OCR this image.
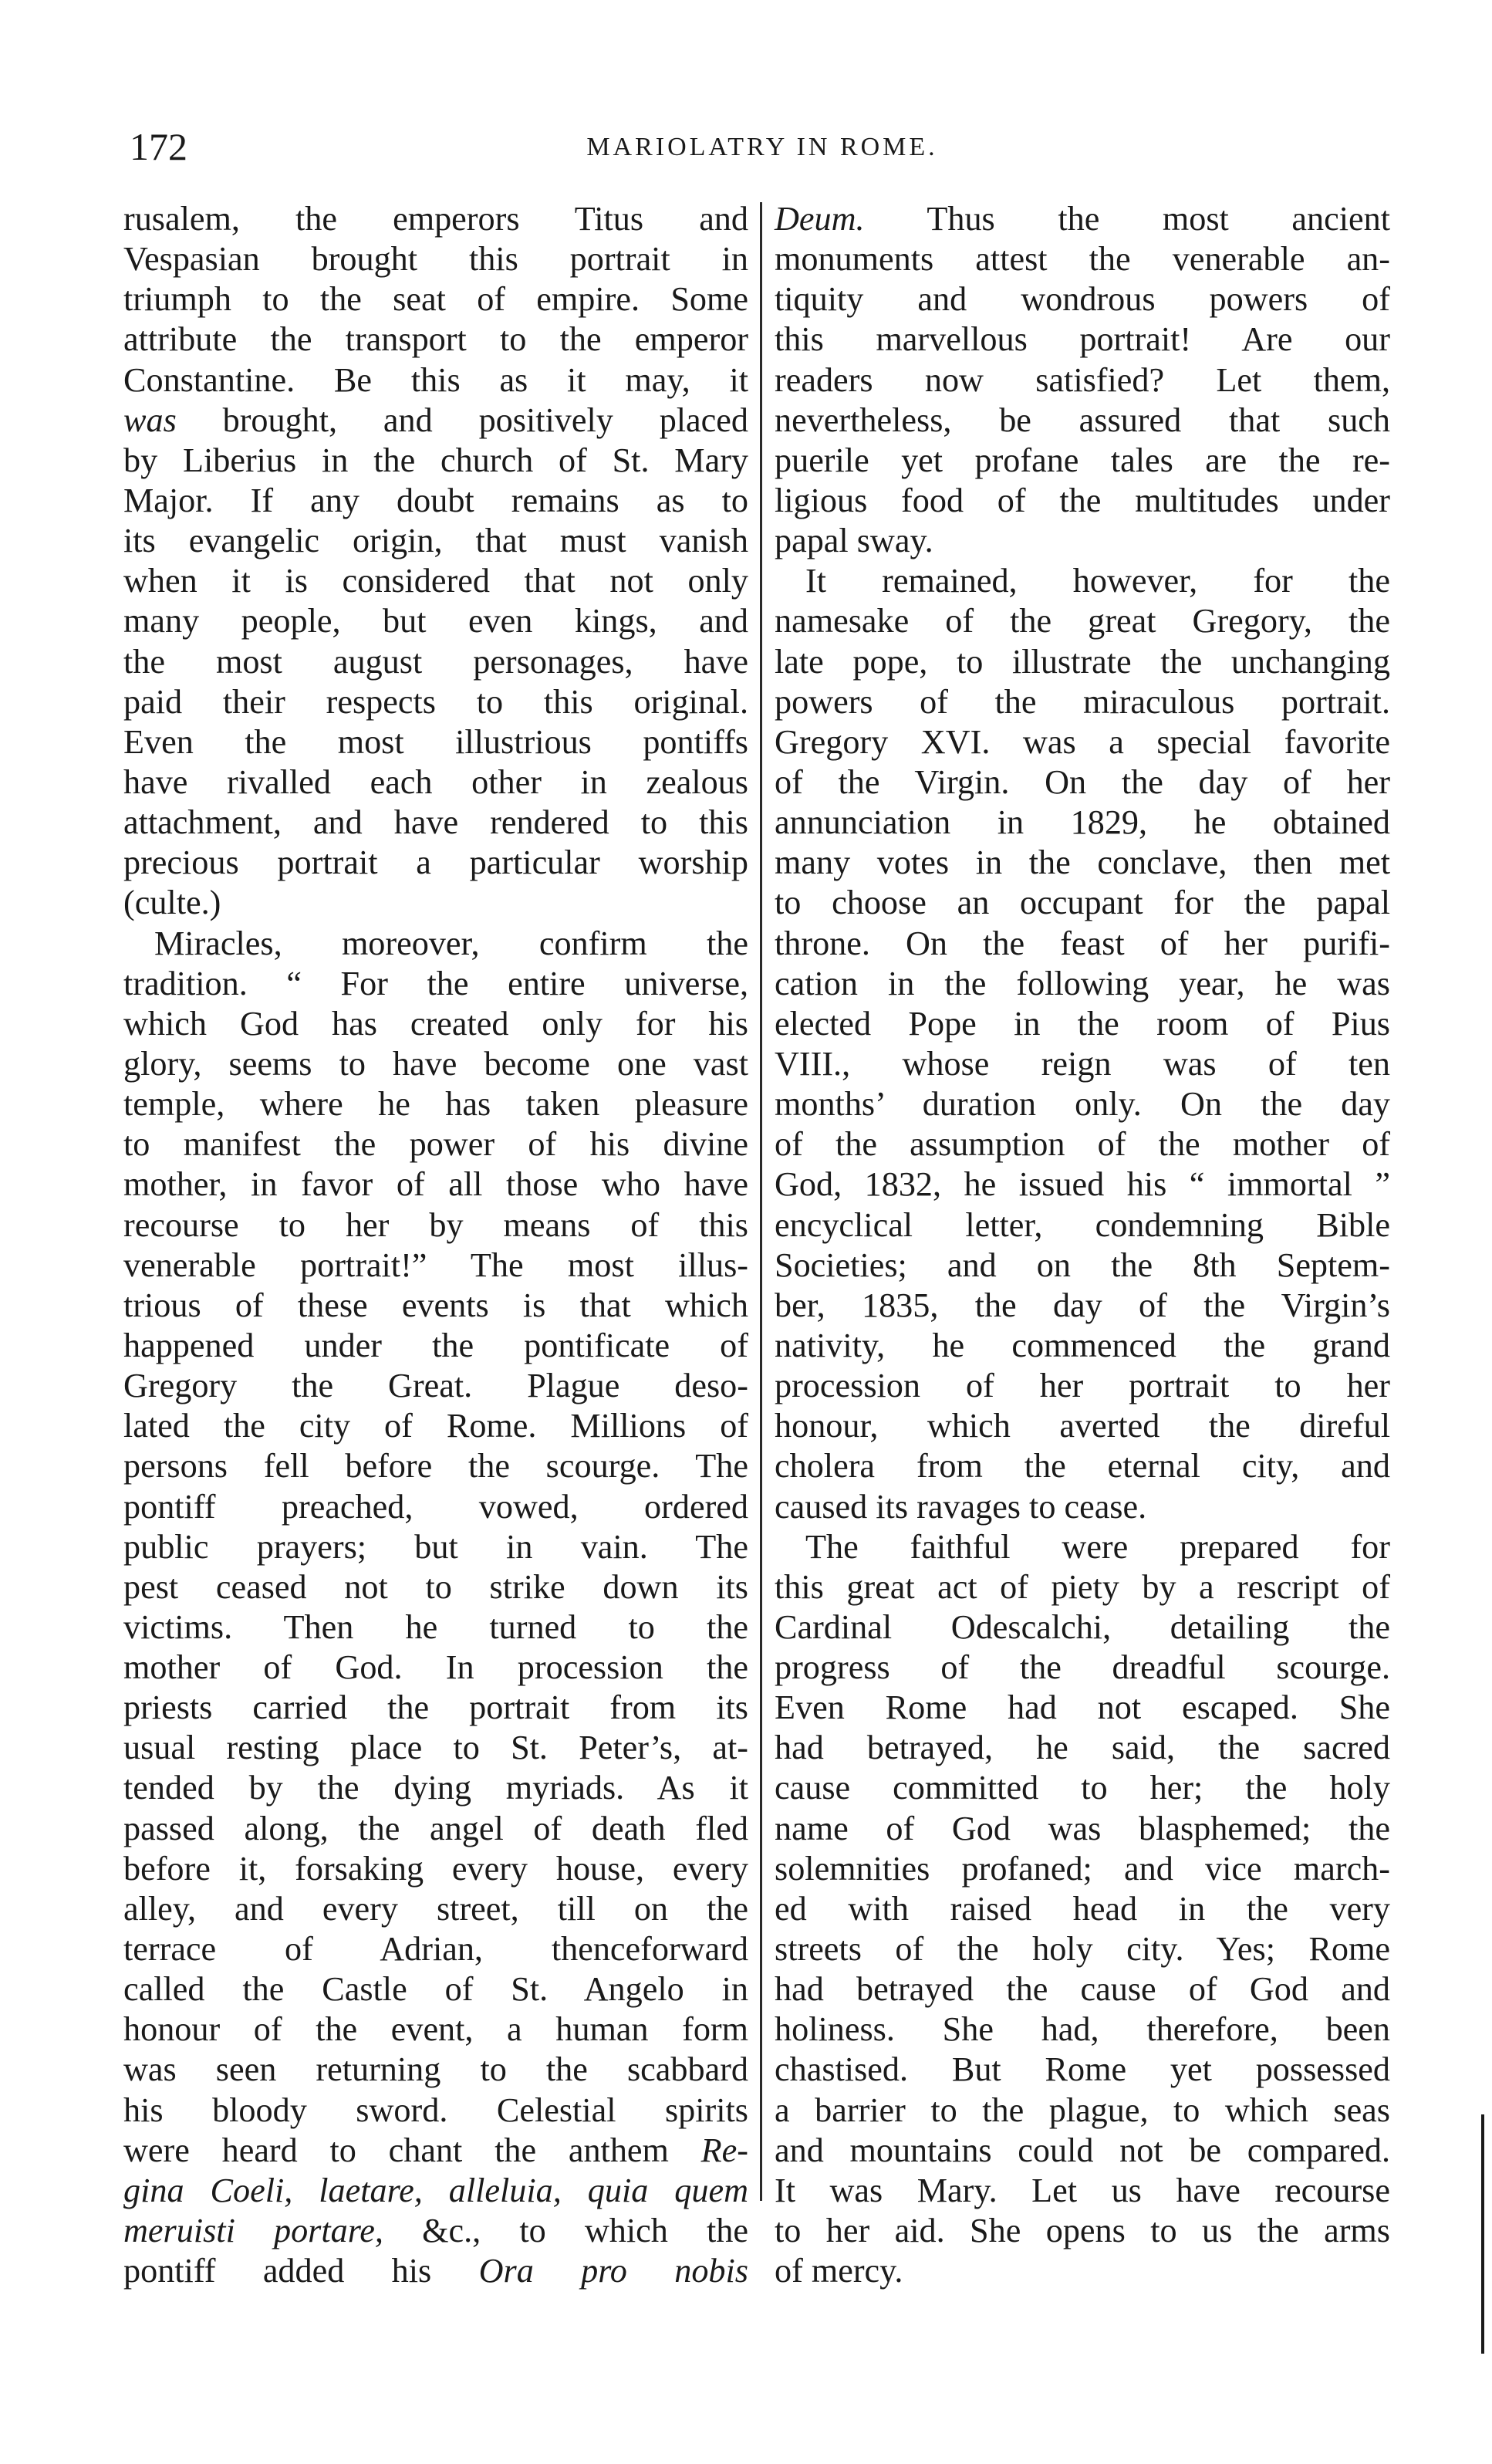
172	MARIOLATRY IN ROME.
rusalem, the emperors Titus and
Vespasian brought this portrait in
triumph to the seat of empire. Some
attribute the transport to the emperor
Constantine. Be this as it may, it
was brought, and positively placed
by Liberius in the church of St. Mary
Major. If any doubt remains as to
its evangelic origin, that must vanish
when it is considered that not only
many people, but even kings, and
the most august personages, have
paid their respects to this original.
Even the most illustrious pontiffs
have rivalled each other in zealous
attachment, and have rendered to this
precious portrait a particular worship
(culte.)
Miracles, moreover, confirm the
tradition. “ For the entire universe,
which God has created only for his
glory, seems to have become one vast
temple, where he has taken pleasure
to manifest the power of his divine
mother, in favor of all those who have
recourse to her by means of this
venerable portrait!” The most illus-
trious of these events is that which
happened under the pontificate of
Gregory the Great. Plague deso-
lated the city of Rome. Millions of
persons fell before the scourge. The
pontiff preached, vowed, ordered
public prayers; but in vain. The
pest ceased not to strike down its
victims. Then he turned to the
mother of God. In procession the
priests carried the portrait from its
usual resting place to St. Peter’s, at-
tended by the dying myriads. As it
passed along, the angel of death fled
before it, forsaking every house, every
alley, and every street, till on the
terrace of Adrian, thenceforward
called the Castle of St. Angelo in
honour of the event, a human form
was seen returning to the scabbard
his bloody sword. Celestial spirits
were heard to chant the anthem Re-
gina Coeli, laetare, alleluia, quia quem
meruisti portare, &c., to which the
pontiff added his Ora pro nobis
Deum. Thus the most ancient
monuments attest the venerable an-
tiquity and wondrous powers of
this marvellous portrait! Are our
readers now satisfied? Let them,
nevertheless, be assured that such
puerile yet profane tales are the re-
ligious food of the multitudes under
papal sway.
It remained, however, for the
namesake of the great Gregory, the
late pope, to illustrate the unchanging
powers of the miraculous portrait.
Gregory XVI. was a special favorite
of the Virgin. On the day of her
annunciation in 1829, he obtained
many votes in the conclave, then met
to choose an occupant for the papal
throne. On the feast of her purifi-
cation in the following year, he was
elected Pope in the room of Pius
VIII., whose reign was of ten
months’ duration only. On the day
of the assumption of the mother of
God, 1832, he issued his “ immortal ”
encyclical letter, condemning Bible
Societies; and on the 8th Septem-
ber, 1835, the day of the Virgin’s
nativity, he commenced the grand
procession of her portrait to her
honour, which averted the direful
cholera from the eternal city, and
caused its ravages to cease.
The faithful were prepared for
this great act of piety by a rescript of
Cardinal Odescalchi, detailing the
progress of the dreadful scourge.
Even Rome had not escaped. She
had betrayed, he said, the sacred
cause committed to her; the holy
name of God was blasphemed; the
solemnities profaned; and vice march-
ed with raised head in the very
streets of the holy city. Yes; Rome
had betrayed the cause of God and
holiness. She had, therefore, been
chastised. But Rome yet possessed
a barrier to the plague, to which seas
and mountains could not be compared.
It was Mary. Let us have recourse
to her aid. She opens to us the arms
of mercy.
